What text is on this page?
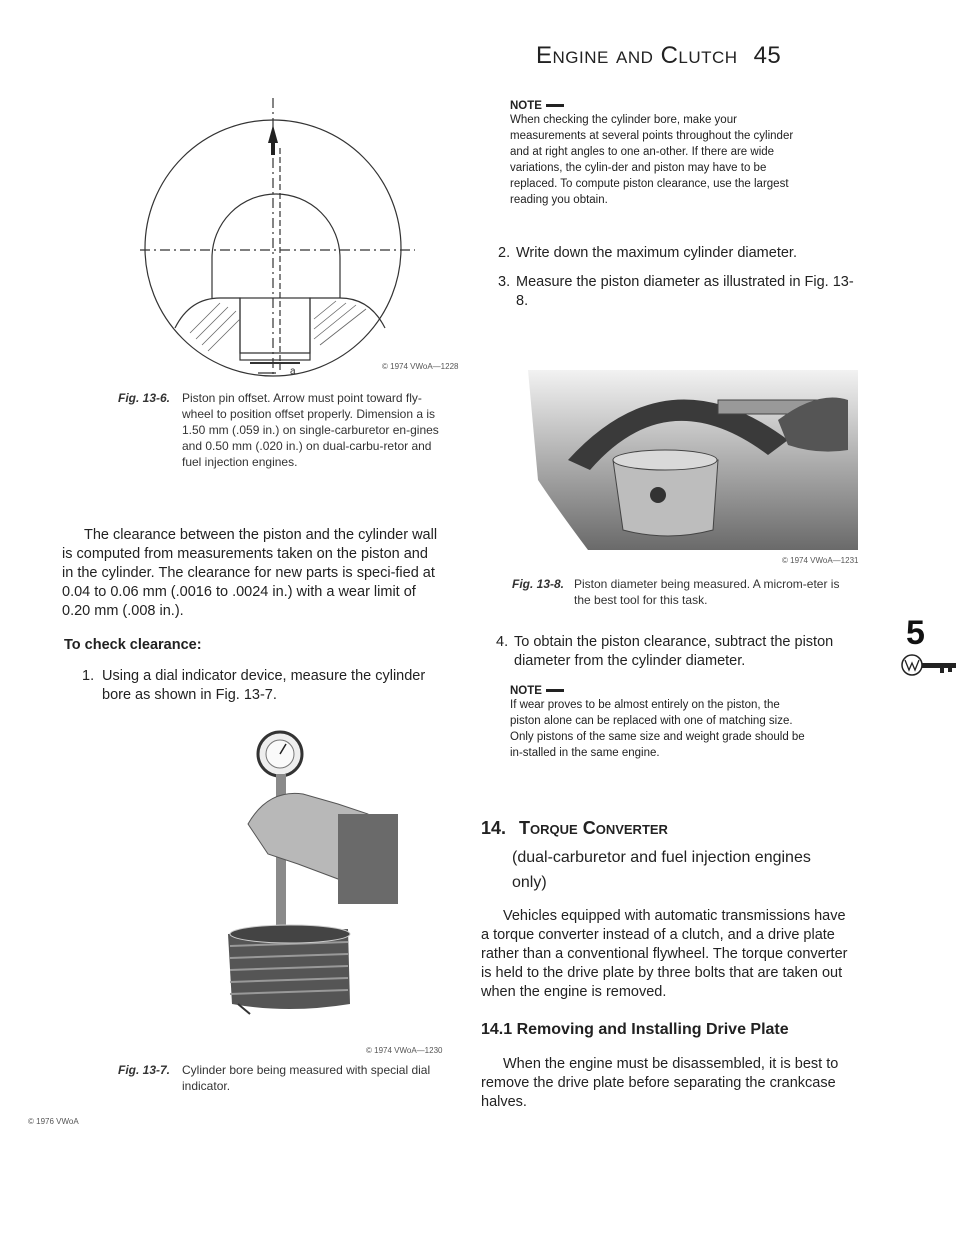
Engine and Clutch 45
a	© 1974 VWoA—1228
Fig. 13-6. Piston pin offset. Arrow must point toward fly-wheel to position offset properly. Dimension a is 1.50 mm (.059 in.) on single-carburetor en-gines and 0.50 mm (.020 in.) on dual-carbu-retor and fuel injection engines.
The clearance between the piston and the cylinder wall is computed from measurements taken on the piston and in the cylinder. The clearance for new parts is speci-fied at 0.04 to 0.06 mm (.0016 to .0024 in.) with a wear limit of 0.20 mm (.008 in.).
To check clearance:
1. Using a dial indicator device, measure the cylinder bore as shown in Fig. 13-7.
© 1974 VWoA—1230
Fig. 13-7. Cylinder bore being measured with special dial indicator.
© 1976 VWoA
NOTE
When checking the cylinder bore, make your measurements at several points throughout the cylinder and at right angles to one an-other. If there are wide variations, the cylin-der and piston may have to be replaced. To compute piston clearance, use the largest reading you obtain.
2. Write down the maximum cylinder diameter.
3. Measure the piston diameter as illustrated in Fig. 13-8.
© 1974 VWoA—1231
Fig. 13-8. Piston diameter being measured. A microm-eter is the best tool for this task.
4. To obtain the piston clearance, subtract the piston diameter from the cylinder diameter.
NOTE
If wear proves to be almost entirely on the piston, the piston alone can be replaced with one of matching size. Only pistons of the same size and weight grade should be in-stalled in the same engine.
14. Torque Converter
(dual-carburetor and fuel injection engines only)
Vehicles equipped with automatic transmissions have a torque converter instead of a clutch, and a drive plate rather than a conventional flywheel. The torque converter is held to the drive plate by three bolts that are taken out when the engine is removed.
14.1 Removing and Installing Drive Plate
When the engine must be disassembled, it is best to remove the drive plate before separating the crankcase halves.
5
